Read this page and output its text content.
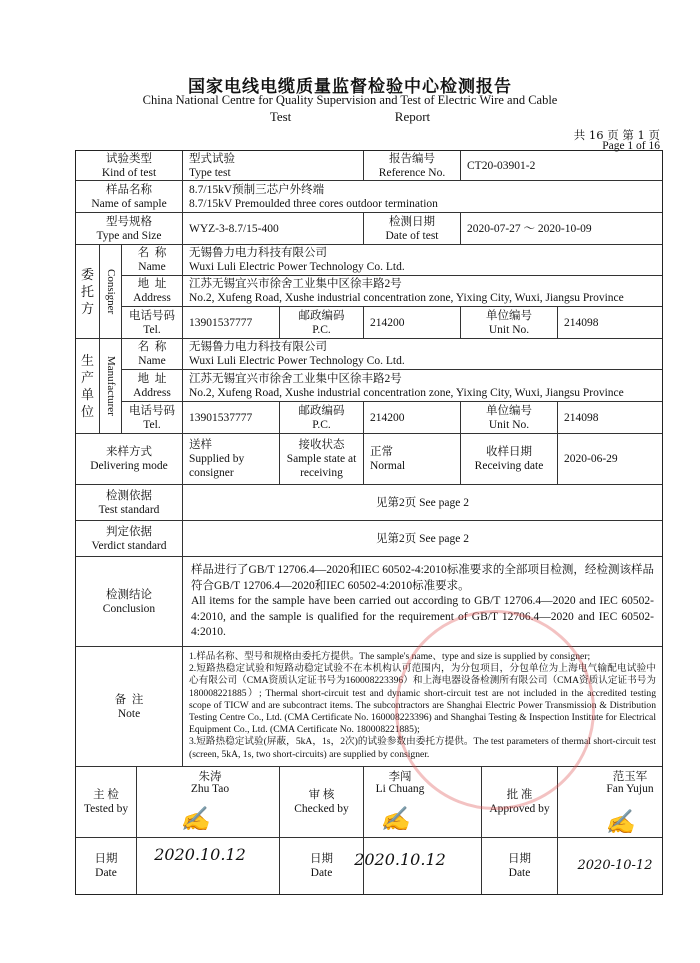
国家电线电缆质量监督检验中心检测报告
China National Centre for Quality Supervision and Test of Electric Wire and Cable
Test      Report
共 16 页 第 1 页
Page 1 of 16
试验类型
Kind of test
型式试验
Type test
报告编号
Reference No.
CT20-03901-2
样品名称
Name of sample
8.7/15kV预制三芯户外终端
8.7/15kV Premoulded three cores outdoor termination
型号规格
Type and Size
WYZ-3-8.7/15-400
检测日期
Date of test
2020-07-27 ～ 2020-10-09
委托方 Consigner
名  称
Name
无锡鲁力电力科技有限公司
Wuxi Luli Electric Power Technology Co. Ltd.
地  址
Address
江苏无锡宜兴市徐舍工业集中区徐丰路2号
No.2, Xufeng Road, Xushe industrial concentration zone, Yixing City, Wuxi, Jiangsu Province
电话号码
Tel.
13901537777
邮政编码
P.C.
214200
单位编号
Unit No.
214098
生产单位 Manufacturer
名  称
Name
无锡鲁力电力科技有限公司
Wuxi Luli Electric Power Technology Co. Ltd.
地  址
Address
江苏无锡宜兴市徐舍工业集中区徐丰路2号
No.2, Xufeng Road, Xushe industrial concentration zone, Yixing City, Wuxi, Jiangsu Province
电话号码
Tel.
13901537777
邮政编码
P.C.
214200
单位编号
Unit No.
214098
来样方式
Delivering mode
送样
Supplied by consigner
接收状态
Sample state at receiving
正常
Normal
收样日期
Receiving date
2020-06-29
检测依据
Test standard
见第2页 See page 2
判定依据
Verdict standard
见第2页 See page 2
检测结论
Conclusion
样品进行了GB/T 12706.4—2020和IEC 60502-4:2010标准要求的全部项目检测，经检测该样品符合GB/T 12706.4—2020和IEC 60502-4:2010标准要求。
All items for the sample have been carried out according to GB/T 12706.4—2020 and IEC 60502-4:2010, and the sample is qualified for the requirement of GB/T 12706.4—2020 and IEC 60502-4:2010.
备  注
Note
1.样品名称、型号和规格由委托方提供。The sample's name、type and size is supplied by consigner;
2.短路热稳定试验和短路动稳定试验不在本机构认可范围内，为分包项目，分包单位为上海电气输配电试验中心有限公司（CMA资质认定证书号为160008223396）和上海电器设备检测所有限公司（CMA资质认定证书号为180008221885）; Thermal short-circuit test and dynamic short-circuit test are not included in the accredited testing scope of TICW and are subcontract items. The subcontractors are Shanghai Electric Power Transmission & Distribution Testing Centre Co., Ltd. (CMA Certificate No. 160008223396) and Shanghai Testing & Inspection Institute for Electrical Equipment Co., Ltd. (CMA Certificate No. 180008221885);
3.短路热稳定试验(屏蔽，5kA，1s，2次)的试验参数由委托方提供。The test parameters of thermal short-circuit test (screen, 5kA, 1s, two short-circuits) are supplied by consigner.
主 检
Tested by
审 核
Checked by
批 准
Approved by
日期
Date
日期
Date
日期
Date
朱涛
Zhu Tao
✍
李闯
Li Chuang
✍
范玉军
Fan Yujun
✍
2020.10.12	2020.10.12	2020-10-12
